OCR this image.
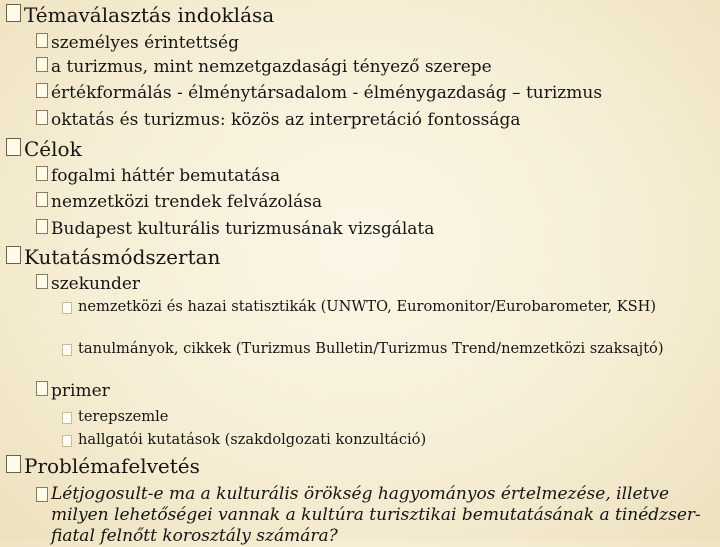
Témaválasztás indoklása
személyes érintettség
a turizmus, mint nemzetgazdasági tényező szerepe
értékformálás - élménytársadalom - élménygazdaság – turizmus
oktatás és turizmus: közös az interpretáció fontossága
Célok
fogalmi háttér bemutatása
nemzetközi trendek felvázolása
Budapest kulturális turizmusának vizsgálata
Kutatásmódszertan
szekunder
nemzetközi és hazai statisztikák (UNWTO, Euromonitor/Eurobarometer, KSH)
tanulmányok, cikkek (Turizmus Bulletin/Turizmus Trend/nemzetközi szaksajtó)
primer
terepszemle
hallgatói kutatások (szakdolgozati konzultáció)
Problémafelvetés
Létjogosult-e ma a kulturális örökség hagyományos értelmezése, illetve milyen lehetőségei vannak a kultúra turisztikai bemutatásának a tinédzser-fiatal felnőtt korosztály számára?
